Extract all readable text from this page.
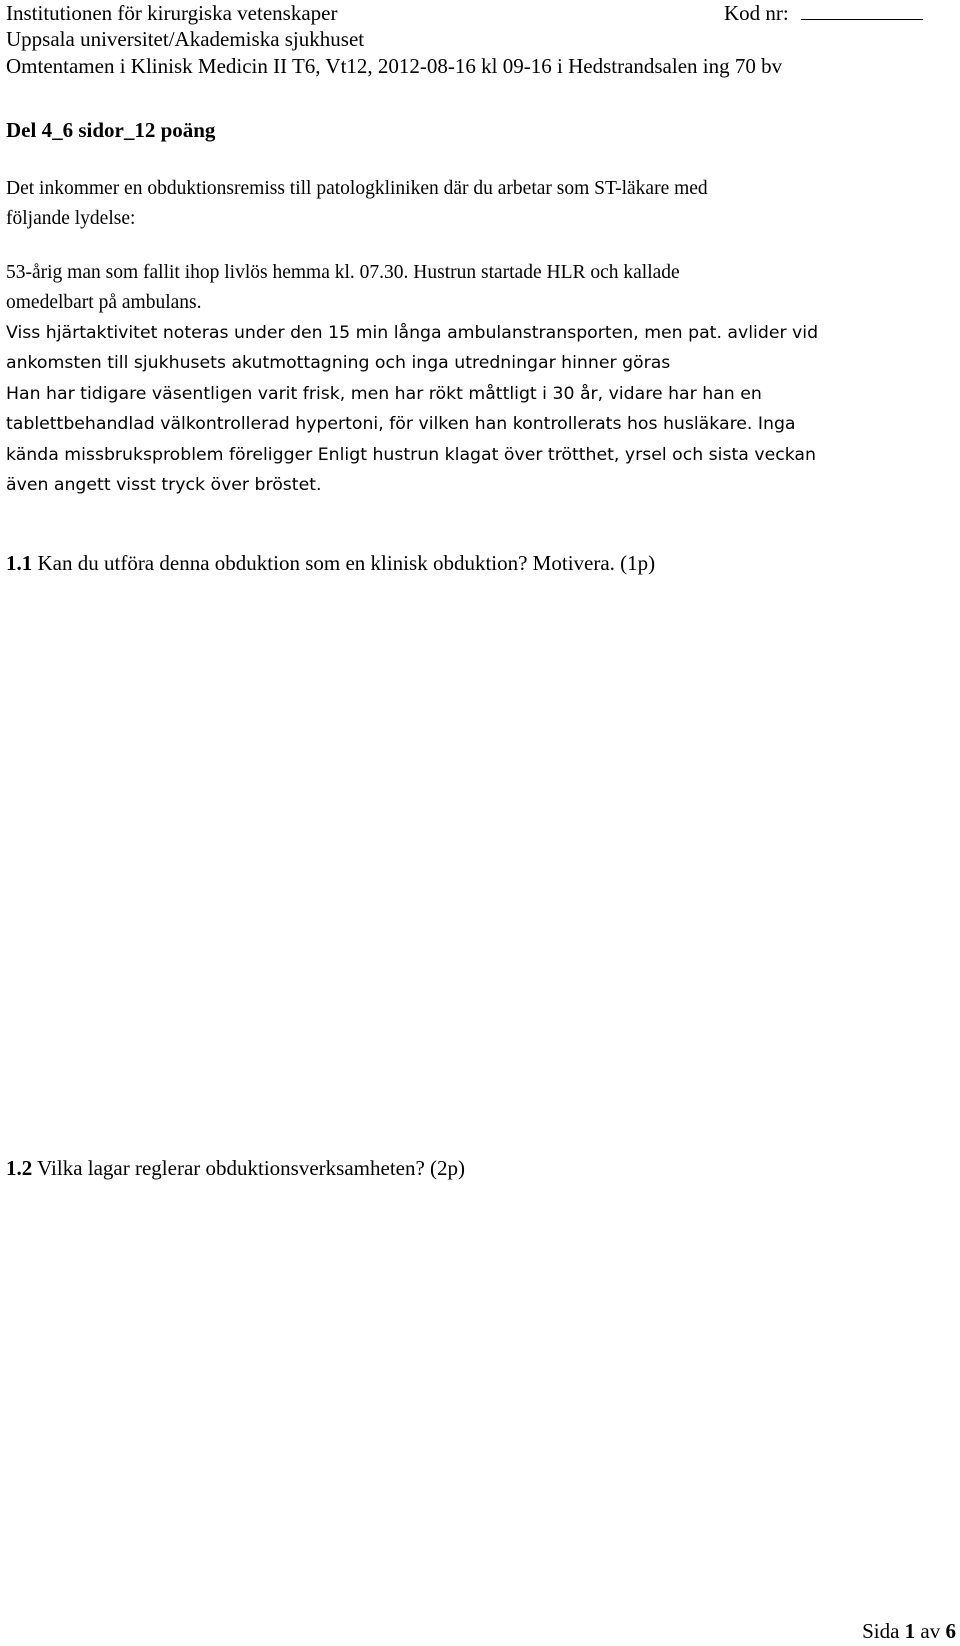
Institutionen för kirurgiska vetenskaper	Kod nr:
Uppsala universitet/Akademiska sjukhuset
Omtentamen i Klinisk Medicin II T6, Vt12, 2012-08-16 kl 09-16 i Hedstrandsalen ing 70 bv
Del 4_6 sidor_12 poäng
Det inkommer en obduktionsremiss till patologkliniken där du arbetar som ST-läkare med
följande lydelse:
53-årig man som fallit ihop livlös hemma kl. 07.30. Hustrun startade HLR och kallade
omedelbart på ambulans.
Viss hjärtaktivitet noteras under den 15 min långa ambulanstransporten, men pat. avlider vid
ankomsten till sjukhusets akutmottagning och inga utredningar hinner göras
Han har tidigare väsentligen varit frisk, men har rökt måttligt i 30 år, vidare har han en
tablettbehandlad välkontrollerad hypertoni, för vilken han kontrollerats hos husläkare. Inga
kända missbruksproblem föreligger Enligt hustrun klagat över trötthet, yrsel och sista veckan
även angett visst tryck över bröstet.
1.1 Kan du utföra denna obduktion som en klinisk obduktion? Motivera. (1p)
1.2 Vilka lagar reglerar obduktionsverksamheten? (2p)
Sida 1 av 6
